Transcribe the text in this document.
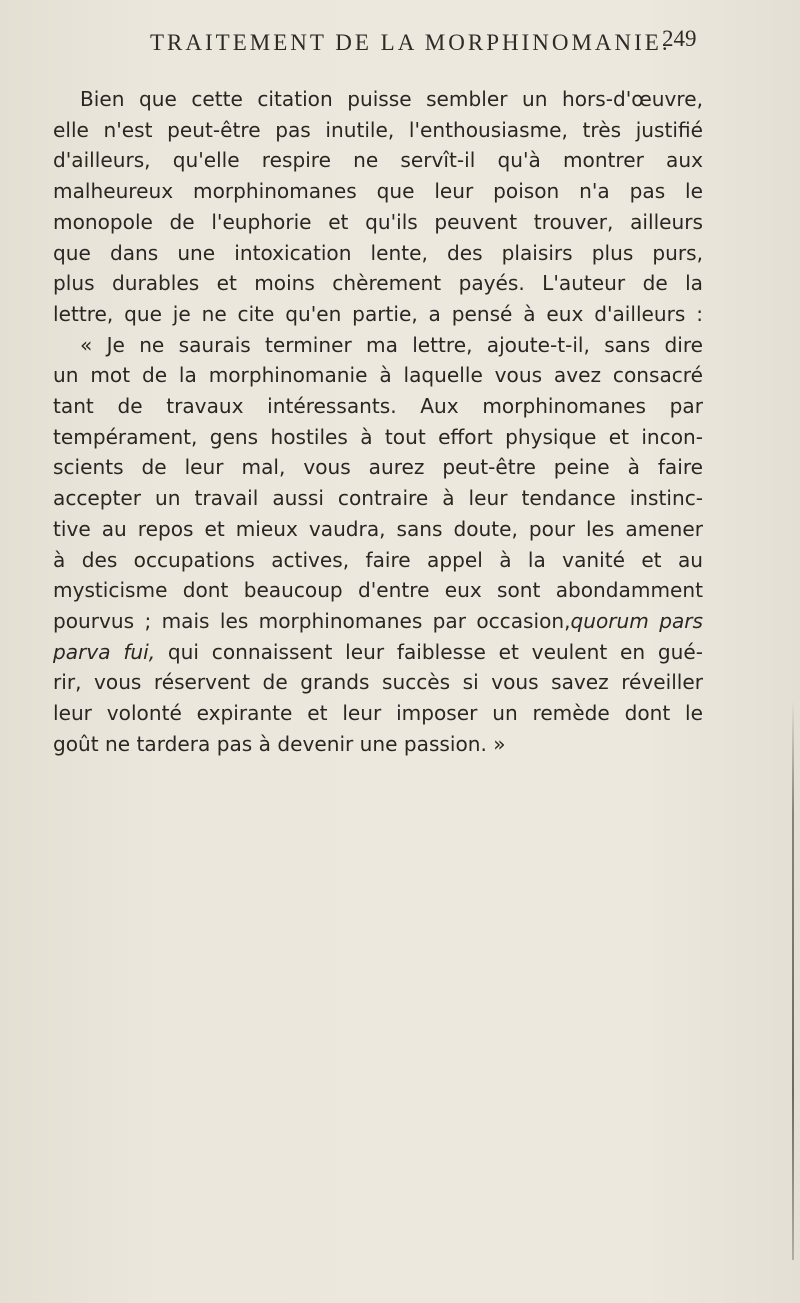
TRAITEMENT DE LA MORPHINOMANIE.
249
Bien que cette citation puisse sembler un hors-d'œuvre,
elle n'est peut-être pas inutile, l'enthousiasme, très justifié
d'ailleurs, qu'elle respire ne servît-il qu'à montrer aux
malheureux morphinomanes que leur poison n'a pas le
monopole de l'euphorie et qu'ils peuvent trouver, ailleurs
que dans une intoxication lente, des plaisirs plus purs,
plus durables et moins chèrement payés. L'auteur de la
lettre, que je ne cite qu'en partie, a pensé à eux d'ailleurs :
« Je ne saurais terminer ma lettre, ajoute-t-il, sans dire
un mot de la morphinomanie à laquelle vous avez consacré
tant de travaux intéressants. Aux morphinomanes par
tempérament, gens hostiles à tout effort physique et incon-
scients de leur mal, vous aurez peut-être peine à faire
accepter un travail aussi contraire à leur tendance instinc-
tive au repos et mieux vaudra, sans doute, pour les amener
à des occupations actives, faire appel à la vanité et au
mysticisme dont beaucoup d'entre eux sont abondamment
pourvus ; mais les morphinomanes par occasion,quorum pars
parva fui, qui connaissent leur faiblesse et veulent en gué-
rir, vous réservent de grands succès si vous savez réveiller
leur volonté expirante et leur imposer un remède dont le
goût ne tardera pas à devenir une passion. »
